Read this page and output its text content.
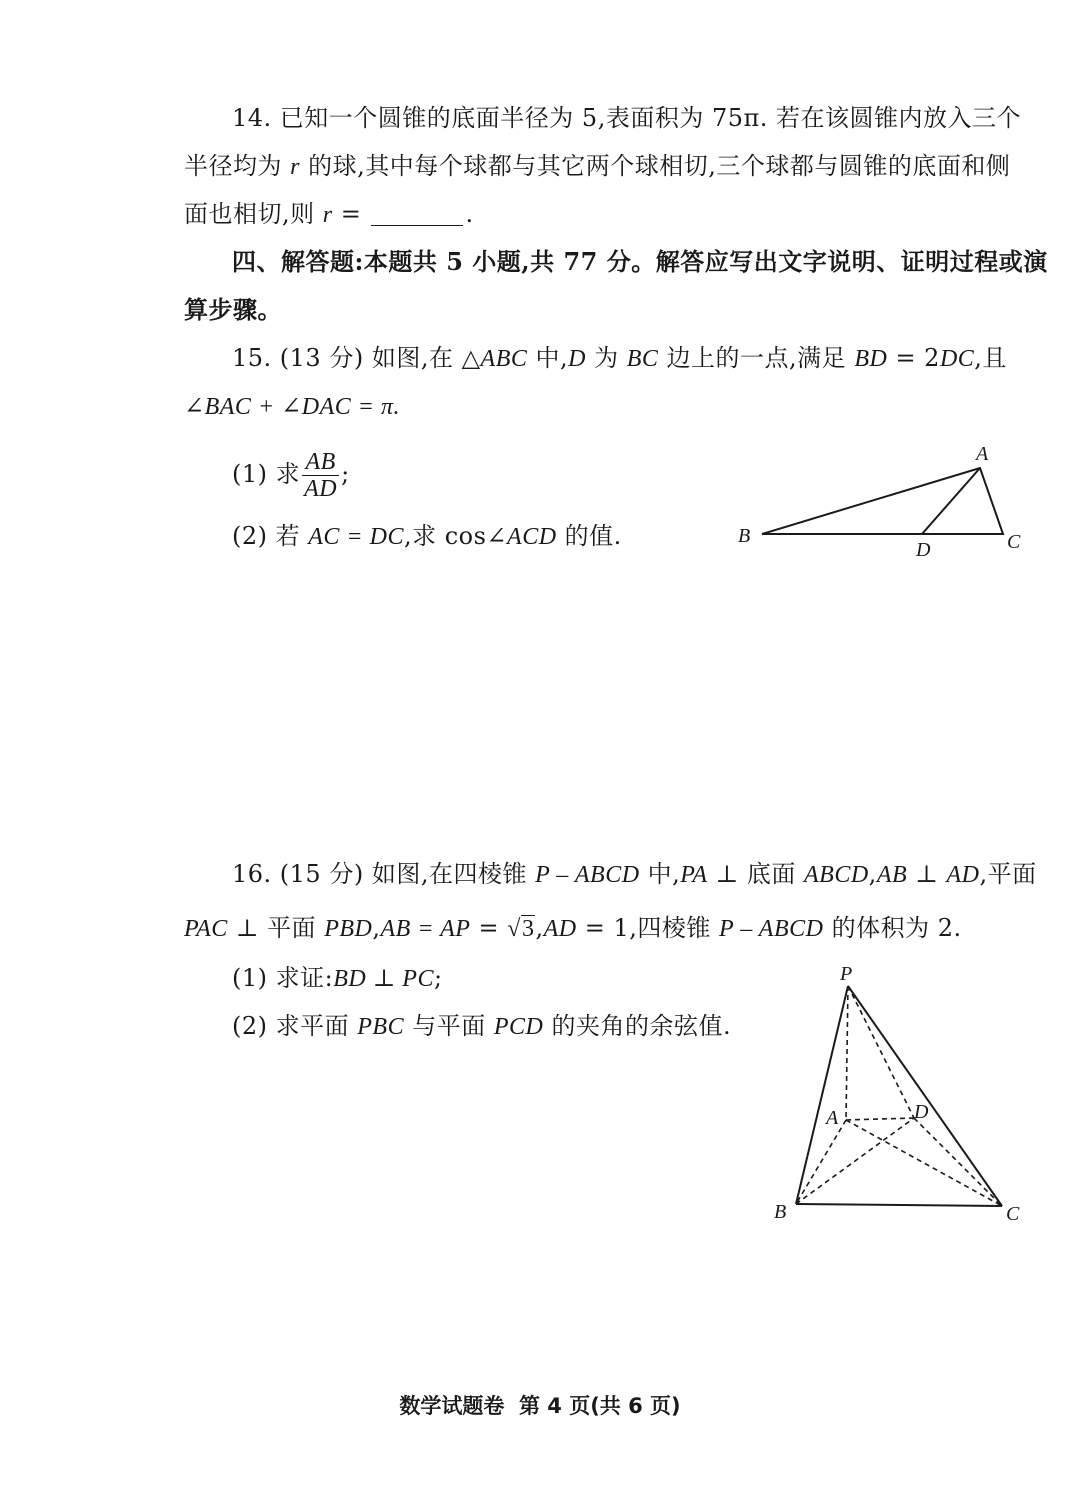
14. 已知一个圆锥的底面半径为 5,表面积为 75π. 若在该圆锥内放入三个
半径均为 r 的球,其中每个球都与其它两个球相切,三个球都与圆锥的底面和侧
面也相切,则 r =	.
四、解答题:本题共 5 小题,共 77 分。解答应写出文字说明、证明过程或演
算步骤。
15. (13 分) 如图,在 △ABC 中,D 为 BC 边上的一点,满足 BD = 2DC,且
∠BAC + ∠DAC = π.
(1) 求 $\frac{AB}{AD}$ ;
(2) 若 AC = DC,求 cos∠ACD 的值.
A
B	C
D
16. (15 分) 如图,在四棱锥 P – ABCD 中,PA ⊥ 底面 ABCD,AB ⊥ AD,平面
PAC ⊥ 平面 PBD,AB = AP = √3,AD = 1,四棱锥 P – ABCD 的体积为 2.
(1) 求证:BD ⊥ PC;
(2) 求平面 PBC 与平面 PCD 的夹角的余弦值.
P
A	D
B	C
数学试题卷  第 4 页(共 6 页)
